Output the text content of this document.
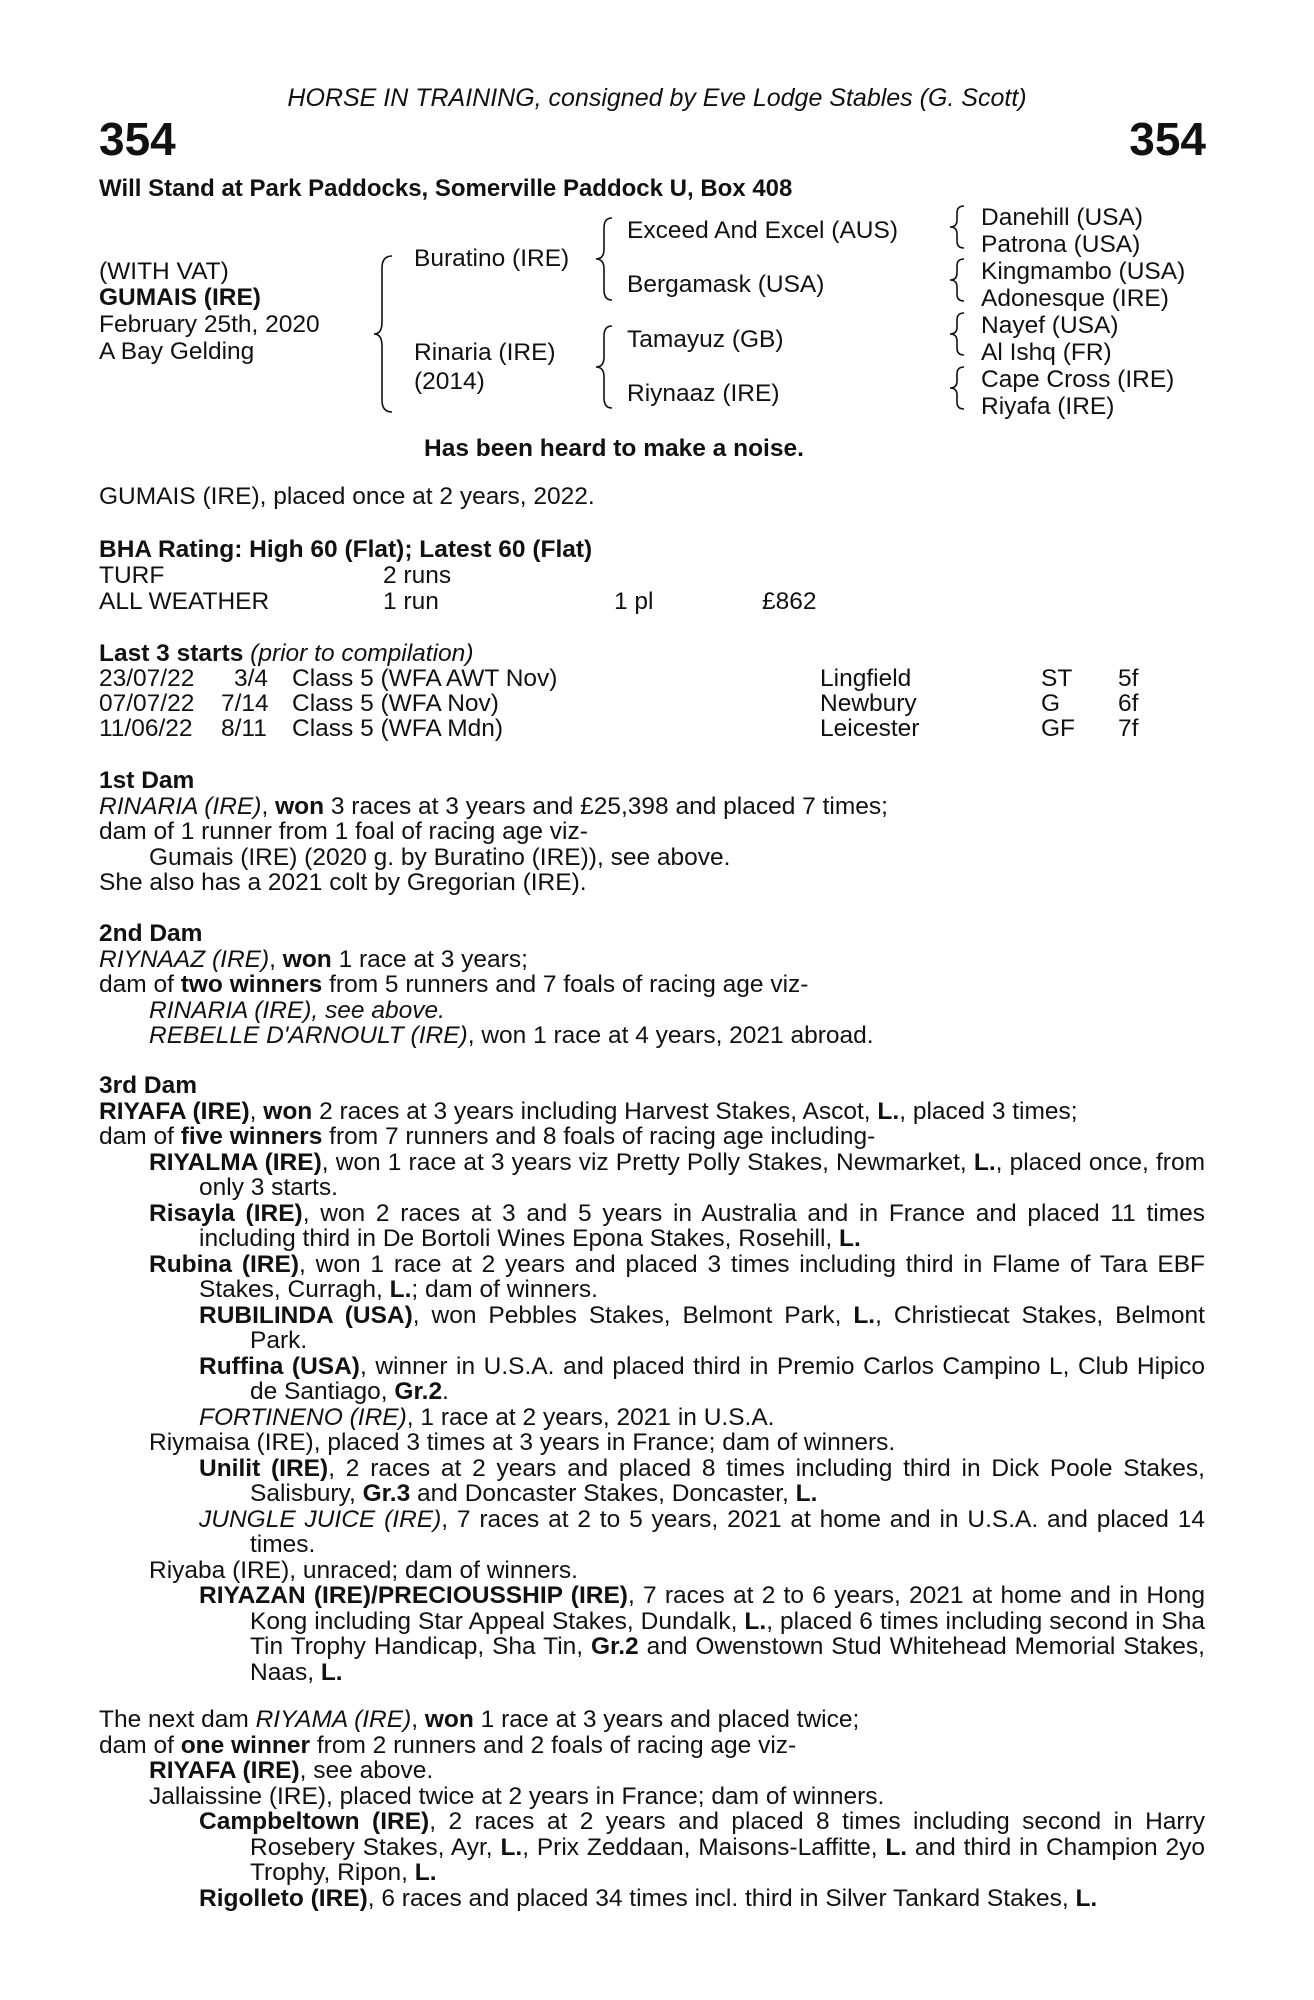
HORSE IN TRAINING, consigned by Eve Lodge Stables (G. Scott)
354	354
Will Stand at Park Paddocks, Somerville Paddock U, Box 408
(WITH VAT)
GUMAIS (IRE)
February 25th, 2020
A Bay Gelding
Buratino (IRE)
Rinaria (IRE)
(2014)
Exceed And Excel (AUS)
Bergamask (USA)
Tamayuz (GB)
Riynaaz (IRE)
Danehill (USA)
Patrona (USA)
Kingmambo (USA)
Adonesque (IRE)
Nayef (USA)
Al Ishq (FR)
Cape Cross (IRE)
Riyafa (IRE)
Has been heard to make a noise.
GUMAIS (IRE), placed once at 2 years, 2022.
BHA Rating: High 60 (Flat); Latest 60 (Flat)
TURF	2 runs
ALL WEATHER	1 run	1 pl	£862
Last 3 starts (prior to compilation)
23/07/22 3/4 Class 5 (WFA AWT Nov)	Lingfield	ST 5f
07/07/22 7/14 Class 5 (WFA Nov)	Newbury	G 6f
11/06/22 8/11 Class 5 (WFA Mdn)	Leicester	GF 7f
1st Dam
RINARIA (IRE), won 3 races at 3 years and £25,398 and placed 7 times;
dam of 1 runner from 1 foal of racing age viz-
Gumais (IRE) (2020 g. by Buratino (IRE)), see above.
She also has a 2021 colt by Gregorian (IRE).
2nd Dam
RIYNAAZ (IRE), won 1 race at 3 years;
dam of two winners from 5 runners and 7 foals of racing age viz-
RINARIA (IRE), see above.
REBELLE D'ARNOULT (IRE), won 1 race at 4 years, 2021 abroad.
3rd Dam
RIYAFA (IRE), won 2 races at 3 years including Harvest Stakes, Ascot, L., placed 3 times;
dam of five winners from 7 runners and 8 foals of racing age including-
RIYALMA (IRE), won 1 race at 3 years viz Pretty Polly Stakes, Newmarket, L., placed once, from only 3 starts.
Risayla (IRE), won 2 races at 3 and 5 years in Australia and in France and placed 11 times including third in De Bortoli Wines Epona Stakes, Rosehill, L.
Rubina (IRE), won 1 race at 2 years and placed 3 times including third in Flame of Tara EBF Stakes, Curragh, L.; dam of winners.
RUBILINDA (USA), won Pebbles Stakes, Belmont Park, L., Christiecat Stakes, Belmont Park.
Ruffina (USA), winner in U.S.A. and placed third in Premio Carlos Campino L, Club Hipico de Santiago, Gr.2.
FORTINENO (IRE), 1 race at 2 years, 2021 in U.S.A.
Riymaisa (IRE), placed 3 times at 3 years in France; dam of winners.
Unilit (IRE), 2 races at 2 years and placed 8 times including third in Dick Poole Stakes, Salisbury, Gr.3 and Doncaster Stakes, Doncaster, L.
JUNGLE JUICE (IRE), 7 races at 2 to 5 years, 2021 at home and in U.S.A. and placed 14 times.
Riyaba (IRE), unraced; dam of winners.
RIYAZAN (IRE)/PRECIOUSSHIP (IRE), 7 races at 2 to 6 years, 2021 at home and in Hong Kong including Star Appeal Stakes, Dundalk, L., placed 6 times including second in Sha Tin Trophy Handicap, Sha Tin, Gr.2 and Owenstown Stud Whitehead Memorial Stakes, Naas, L.
The next dam RIYAMA (IRE), won 1 race at 3 years and placed twice;
dam of one winner from 2 runners and 2 foals of racing age viz-
RIYAFA (IRE), see above.
Jallaissine (IRE), placed twice at 2 years in France; dam of winners.
Campbeltown (IRE), 2 races at 2 years and placed 8 times including second in Harry Rosebery Stakes, Ayr, L., Prix Zeddaan, Maisons-Laffitte, L. and third in Champion 2yo Trophy, Ripon, L.
Rigolleto (IRE), 6 races and placed 34 times incl. third in Silver Tankard Stakes, L.
